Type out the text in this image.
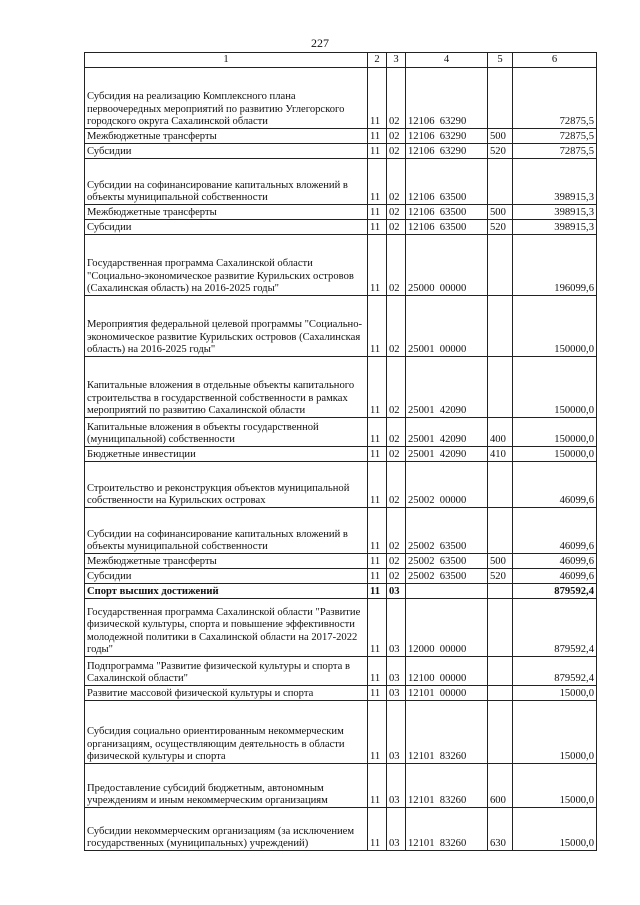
227
1	2	3	4	5	6
Субсидия на реализацию Комплексного плана первоочередных мероприятий по развитию Углегорского городского округа Сахалинской области	11	02	12106  63290		72875,5
Межбюджетные трансферты	11	02	12106  63290	500	72875,5
Субсидии	11	02	12106  63290	520	72875,5
Субсидии на софинансирование капитальных вложений в объекты муниципальной собственности	11	02	12106  63500		398915,3
Межбюджетные трансферты	11	02	12106  63500	500	398915,3
Субсидии	11	02	12106  63500	520	398915,3
Государственная программа Сахалинской области "Социально-экономическое развитие Курильских островов (Сахалинская область) на 2016-2025 годы"	11	02	25000  00000		196099,6
Мероприятия федеральной целевой программы "Социально-экономическое развитие Курильских островов (Сахалинская область) на 2016-2025 годы"	11	02	25001  00000		150000,0
Капитальные вложения в отдельные объекты капитального строительства в государственной собственности в рамках мероприятий по развитию Сахалинской области	11	02	25001  42090		150000,0
Капитальные вложения в объекты государственной (муниципальной) собственности	11	02	25001  42090	400	150000,0
Бюджетные инвестиции	11	02	25001  42090	410	150000,0
Строительство и реконструкция объектов муниципальной собственности на Курильских островах	11	02	25002  00000		46099,6
Субсидии на софинансирование капитальных вложений в объекты муниципальной собственности	11	02	25002  63500		46099,6
Межбюджетные трансферты	11	02	25002  63500	500	46099,6
Субсидии	11	02	25002  63500	520	46099,6
Спорт высших достижений	11	03			879592,4
Государственная программа Сахалинской области "Развитие физической культуры, спорта и повышение эффективности молодежной политики в Сахалинской области на 2017-2022 годы"	11	03	12000  00000		879592,4
Подпрограмма "Развитие физической культуры и спорта в Сахалинской области"	11	03	12100  00000		879592,4
Развитие массовой физической культуры и спорта	11	03	12101  00000		15000,0
Субсидия социально ориентированным некоммерческим организациям, осуществляющим деятельность в области физической культуры и спорта	11	03	12101  83260		15000,0
Предоставление субсидий бюджетным, автономным учреждениям и иным некоммерческим организациям	11	03	12101  83260	600	15000,0
Субсидии некоммерческим организациям (за исключением государственных (муниципальных) учреждений)	11	03	12101  83260	630	15000,0
